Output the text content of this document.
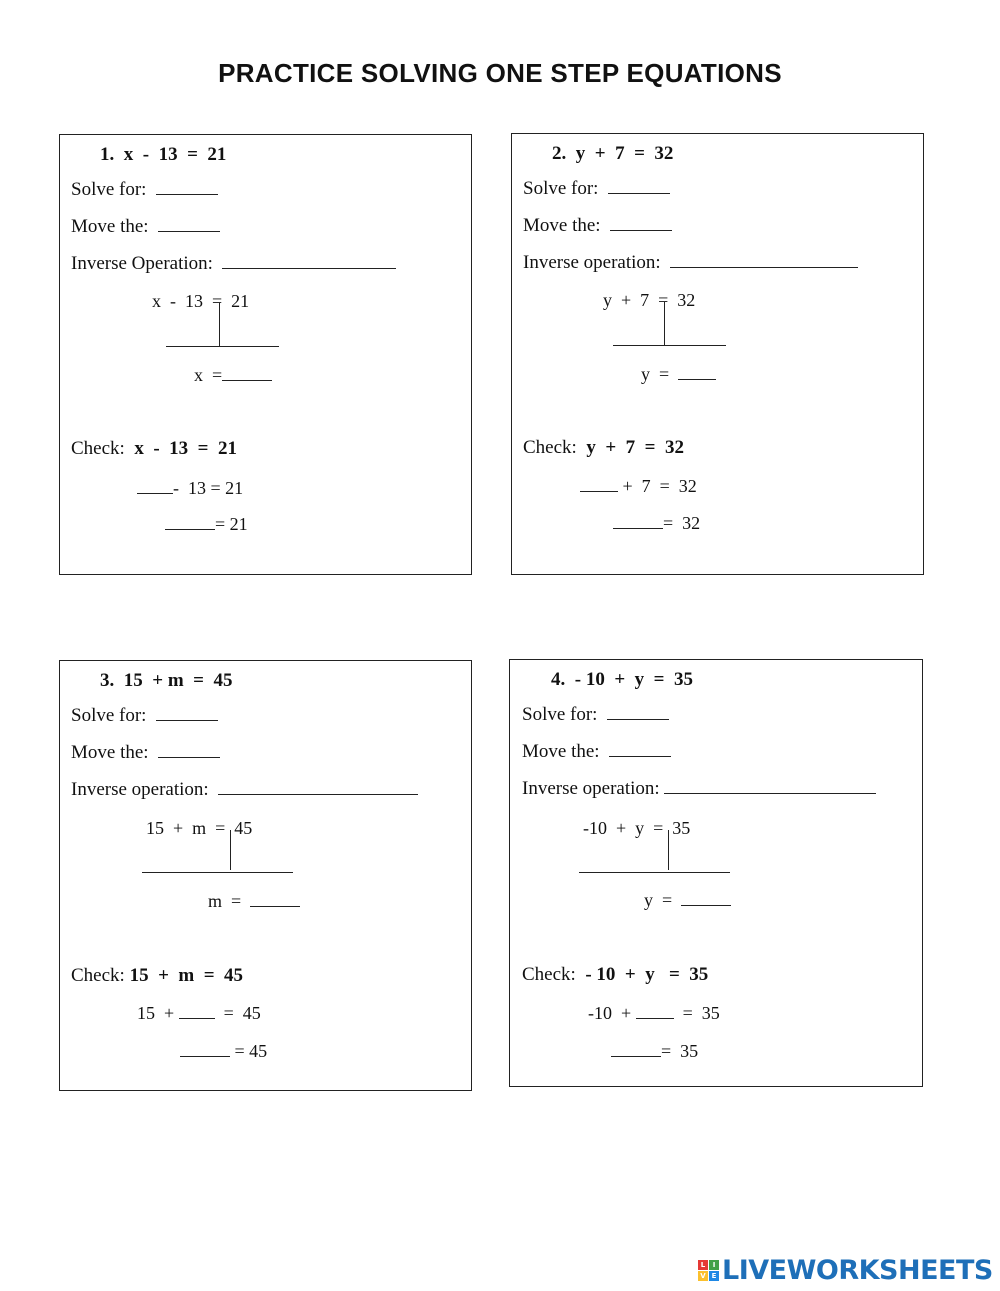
PRACTICE SOLVING ONE STEP EQUATIONS
1.  x  -  13  =  21
Solve for:
Move the:
Inverse Operation:
x  -  13  =  21
x  =
Check: x  -  13  =  21
-  13 = 21
= 21
2.  y  +  7  =  32
Solve for:
Move the:
Inverse operation:
y  +  7  =  32
y  =
Check: y  +  7  =  32
+  7  =  32
=  32
3.  15  + m  =  45
Solve for:
Move the:
Inverse operation:
15  +  m  =  45
m  =
Check: 15  +  m  =  45
15  +	=  45
= 45
4.  - 10  +  y  =  35
Solve for:
Move the:
Inverse operation:
-10  +  y  =  35
y  =
Check: - 10  +  y   =  35
-10  +	=  35
=  35
L	I
V E LIVEWORKSHEETS
